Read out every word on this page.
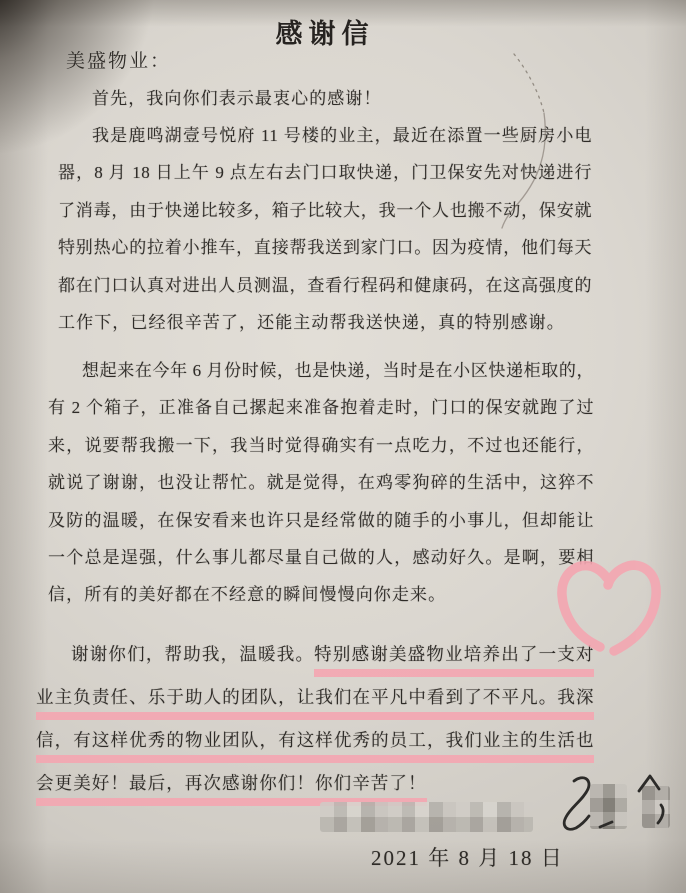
感谢信
美盛物业：

首先，我向你们表示最衷心的感谢！

我是鹿鸣湖壹号悦府 11 号楼的业主，最近在添置一些厨房小电

器，8 月 18 日上午 9 点左右去门口取快递，门卫保安先对快递进行

了消毒，由于快递比较多，箱子比较大，我一个人也搬不动，保安就

特别热心的拉着小推车，直接帮我送到家门口。因为疫情，他们每天

都在门口认真对进出人员测温，查看行程码和健康码，在这高强度的

工作下，已经很辛苦了，还能主动帮我送快递，真的特别感谢。

想起来在今年 6 月份时候，也是快递，当时是在小区快递柜取的，

有 2 个箱子，正准备自己摞起来准备抱着走时，门口的保安就跑了过

来，说要帮我搬一下，我当时觉得确实有一点吃力，不过也还能行，

就说了谢谢，也没让帮忙。就是觉得，在鸡零狗碎的生活中，这猝不

及防的温暖，在保安看来也许只是经常做的随手的小事儿，但却能让

一个总是逞强，什么事儿都尽量自己做的人，感动好久。是啊，要相

信，所有的美好都在不经意的瞬间慢慢向你走来。

谢谢你们，帮助我，温暖我。特别感谢美盛物业培养出了一支对

业主负责任、乐于助人的团队，让我们在平凡中看到了不平凡。我深

信，有这样优秀的物业团队，有这样优秀的员工，我们业主的生活也

会更美好！最后，再次感谢你们！你们辛苦了！

2021 年 8 月 18 日
